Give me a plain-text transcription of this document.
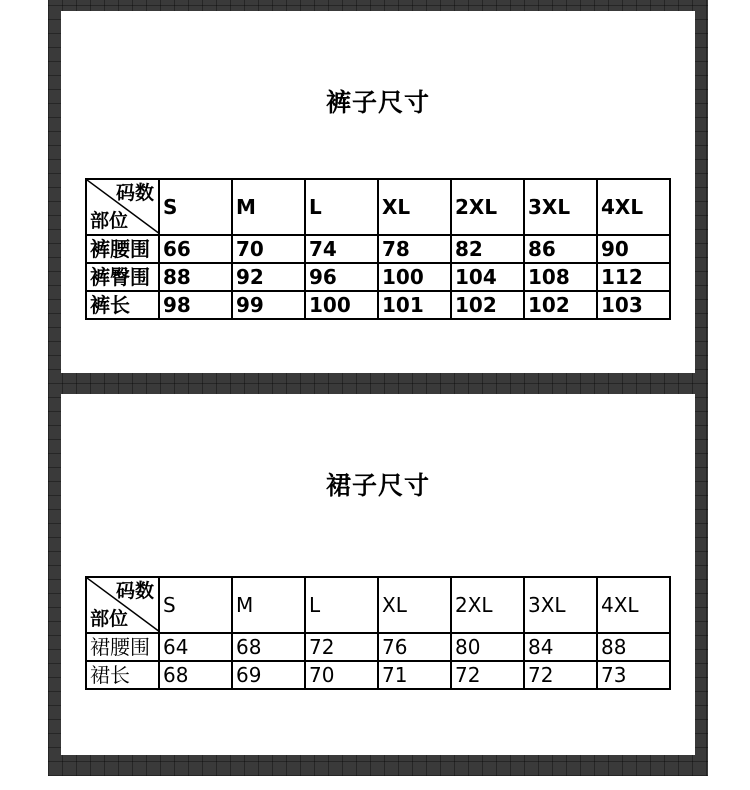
裤子尺寸
码数
部位	S	M	L	XL	2XL	3XL	4XL
裤腰围	66	70	74	78	82	86	90
裤臀围	88	92	96	100	104	108	112
裤长	98	99	100	101	102	102	103
裙子尺寸
码数
部位	S	M	L	XL	2XL	3XL	4XL
裙腰围	64	68	72	76	80	84	88
裙长	68	69	70	71	72	72	73
